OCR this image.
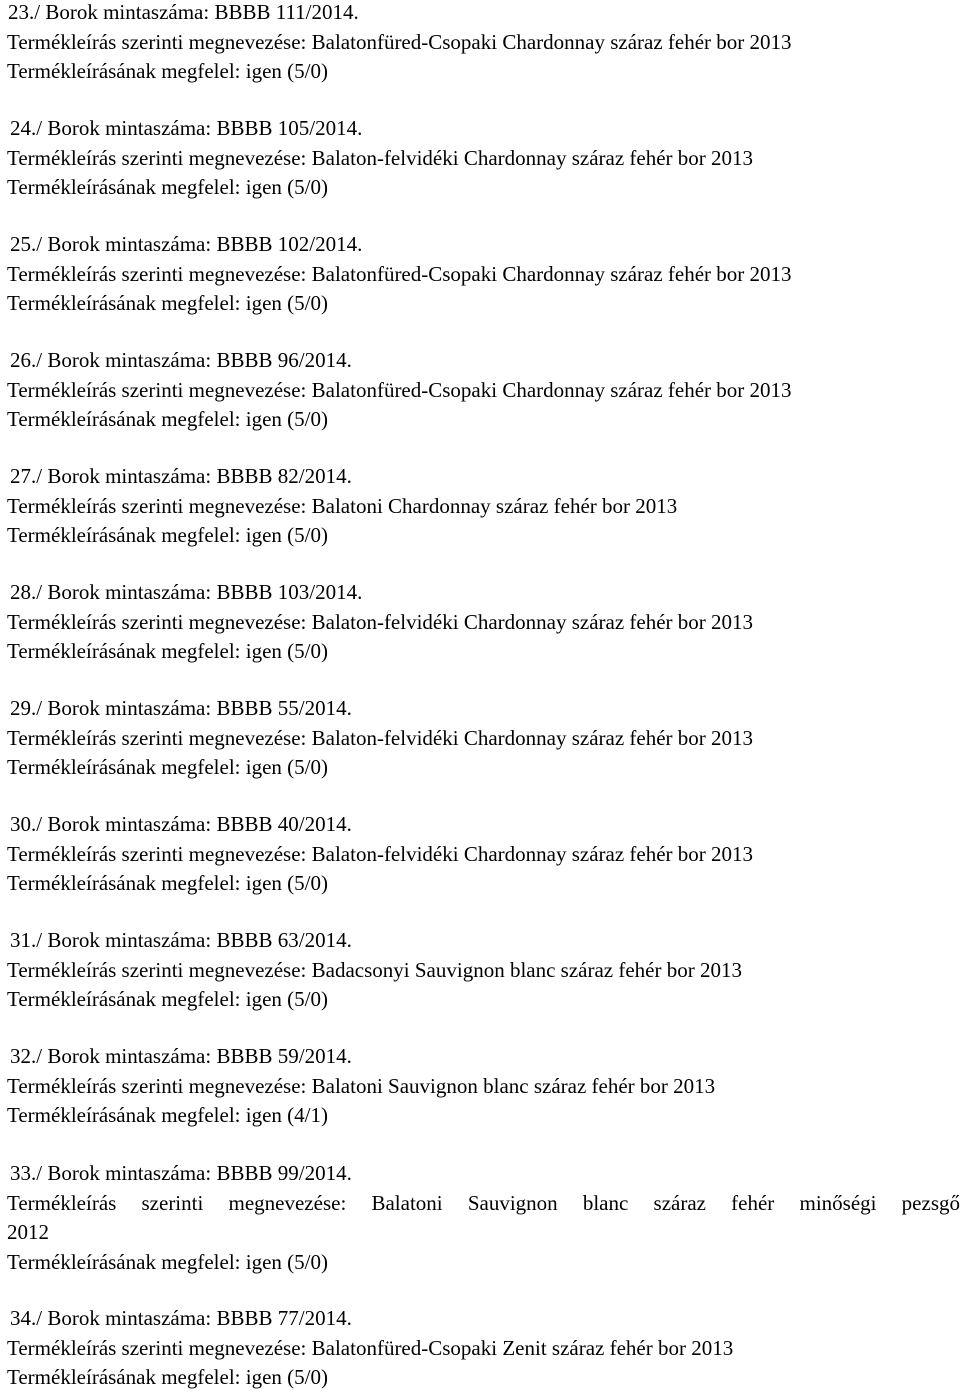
23./ Borok mintaszáma: BBBB 111/2014.
Termékleírás szerinti megnevezése: Balatonfüred-Csopaki Chardonnay száraz fehér bor 2013
Termékleírásának megfelel: igen (5/0)
24./ Borok mintaszáma: BBBB 105/2014.
Termékleírás szerinti megnevezése: Balaton-felvidéki Chardonnay száraz fehér bor 2013
Termékleírásának megfelel: igen (5/0)
25./ Borok mintaszáma: BBBB 102/2014.
Termékleírás szerinti megnevezése: Balatonfüred-Csopaki Chardonnay száraz fehér bor 2013
Termékleírásának megfelel: igen (5/0)
26./ Borok mintaszáma: BBBB 96/2014.
Termékleírás szerinti megnevezése: Balatonfüred-Csopaki Chardonnay száraz fehér bor 2013
Termékleírásának megfelel: igen (5/0)
27./ Borok mintaszáma: BBBB 82/2014.
Termékleírás szerinti megnevezése: Balatoni Chardonnay száraz fehér bor 2013
Termékleírásának megfelel: igen (5/0)
28./ Borok mintaszáma: BBBB 103/2014.
Termékleírás szerinti megnevezése: Balaton-felvidéki Chardonnay száraz fehér bor 2013
Termékleírásának megfelel: igen (5/0)
29./ Borok mintaszáma: BBBB 55/2014.
Termékleírás szerinti megnevezése: Balaton-felvidéki Chardonnay száraz fehér bor 2013
Termékleírásának megfelel: igen (5/0)
30./ Borok mintaszáma: BBBB 40/2014.
Termékleírás szerinti megnevezése: Balaton-felvidéki Chardonnay száraz fehér bor 2013
Termékleírásának megfelel: igen (5/0)
31./ Borok mintaszáma: BBBB 63/2014.
Termékleírás szerinti megnevezése: Badacsonyi Sauvignon blanc száraz fehér bor 2013
Termékleírásának megfelel: igen (5/0)
32./ Borok mintaszáma: BBBB 59/2014.
Termékleírás szerinti megnevezése: Balatoni Sauvignon blanc száraz fehér bor 2013
Termékleírásának megfelel: igen (4/1)
33./ Borok mintaszáma: BBBB 99/2014.
Termékleírás szerinti megnevezése: Balatoni Sauvignon blanc száraz fehér minőségi pezsgő
2012
Termékleírásának megfelel: igen (5/0)
34./ Borok mintaszáma: BBBB 77/2014.
Termékleírás szerinti megnevezése: Balatonfüred-Csopaki Zenit száraz fehér bor 2013
Termékleírásának megfelel: igen (5/0)
